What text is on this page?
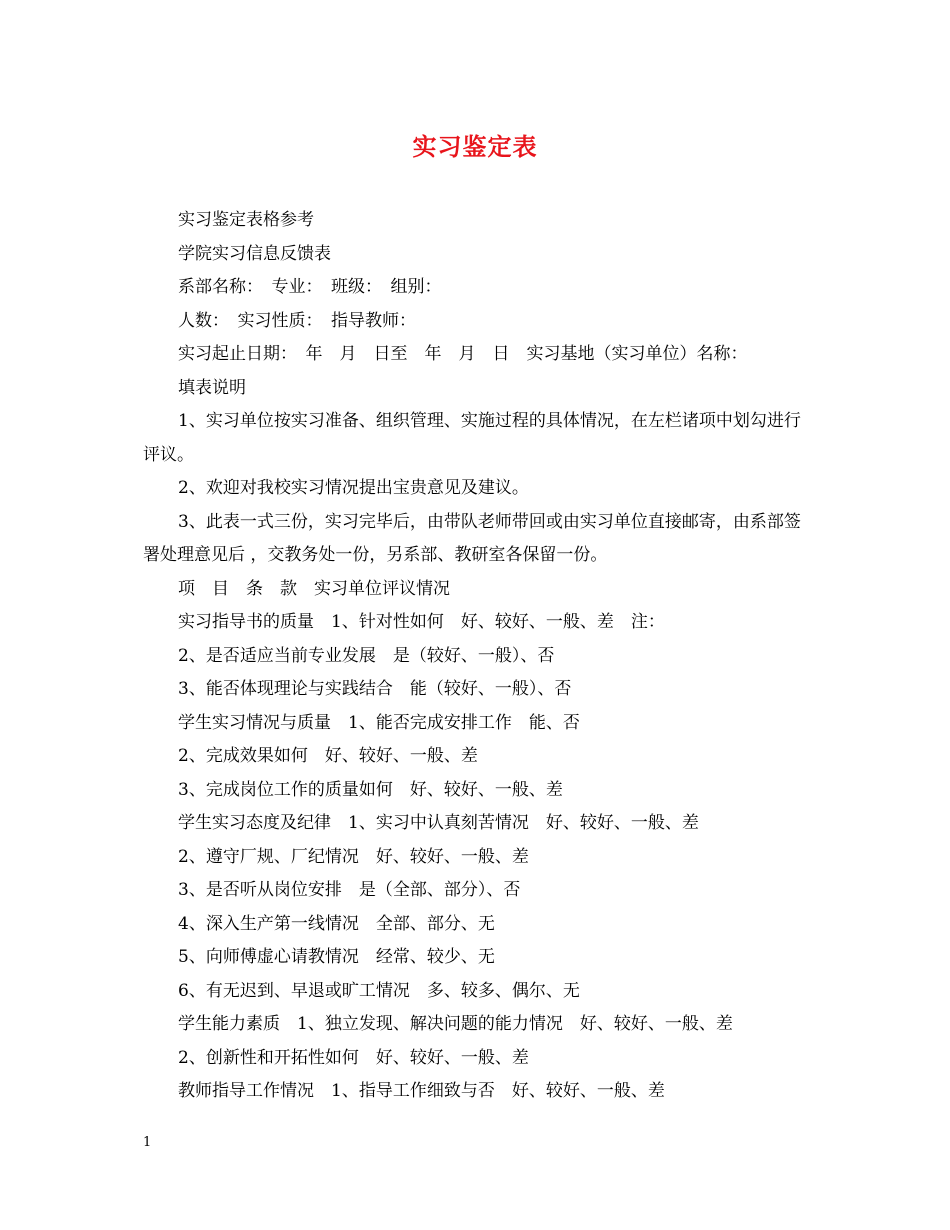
实习鉴定表

实习鉴定表格参考

学院实习信息反馈表

系部名称：　专业：　班级：　组别：

人数：　实习性质：　指导教师：

实习起止日期：　年　月　日至　年　月　日　实习基地（实习单位）名称：

填表说明

1、实习单位按实习准备、组织管理、实施过程的具体情况，在左栏诸项中划勾进行评议。

2、欢迎对我校实习情况提出宝贵意见及建议。

3、此表一式三份，实习完毕后，由带队老师带回或由实习单位直接邮寄，由系部签署处理意见后 ，交教务处一份，另系部、教研室各保留一份。

项　目　条　款　实习单位评议情况

实习指导书的质量　1、针对性如何　好、较好、一般、差　注：

2、是否适应当前专业发展　是（较好、一般）、否

3、能否体现理论与实践结合　能（较好、一般）、否

学生实习情况与质量　1、能否完成安排工作　能、否

2、完成效果如何　好、较好、一般、差

3、完成岗位工作的质量如何　好、较好、一般、差

学生实习态度及纪律　1、实习中认真刻苦情况　好、较好、一般、差

2、遵守厂规、厂纪情况　好、较好、一般、差

3、是否听从岗位安排　是（全部、部分）、否

4、深入生产第一线情况　全部、部分、无

5、向师傅虚心请教情况　经常、较少、无

6、有无迟到、早退或旷工情况　多、较多、偶尔、无

学生能力素质　1、独立发现、解决问题的能力情况　好、较好、一般、差

2、创新性和开拓性如何　好、较好、一般、差

教师指导工作情况　1、指导工作细致与否　好、较好、一般、差

1
